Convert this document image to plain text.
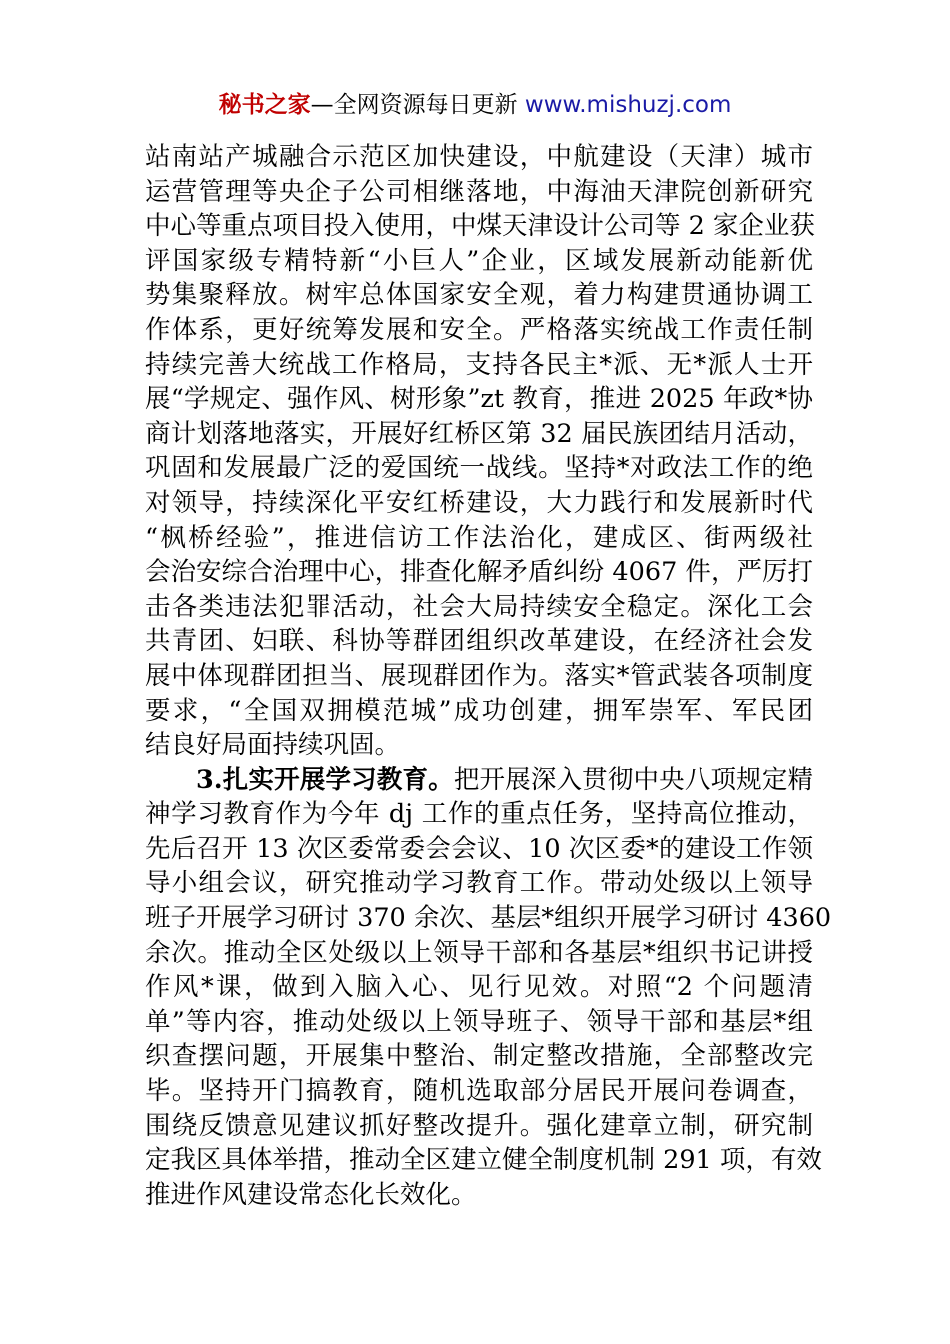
秘书之家—全网资源每日更新 www.mishuzj.com
站南站产城融合示范区加快建设，中航建设（天津）城市
运营管理等央企子公司相继落地，中海油天津院创新研究
中心等重点项目投入使用，中煤天津设计公司等 2 家企业获
评国家级专精特新“小巨人”企业，区域发展新动能新优
势集聚释放。树牢总体国家安全观，着力构建贯通协调工
作体系，更好统筹发展和安全。严格落实统战工作责任制
持续完善大统战工作格局，支持各民主*派、无*派人士开
展“学规定、强作风、树形象”zt 教育，推进 2025 年政*协
商计划落地落实，开展好红桥区第 32 届民族团结月活动，
巩固和发展最广泛的爱国统一战线。坚持*对政法工作的绝
对领导，持续深化平安红桥建设，大力践行和发展新时代
“枫桥经验”，推进信访工作法治化，建成区、街两级社
会治安综合治理中心，排查化解矛盾纠纷 4067 件，严厉打
击各类违法犯罪活动，社会大局持续安全稳定。深化工会
共青团、妇联、科协等群团组织改革建设，在经济社会发
展中体现群团担当、展现群团作为。落实*管武装各项制度
要求，“全国双拥模范城”成功创建，拥军崇军、军民团
结良好局面持续巩固。
3.扎实开展学习教育。把开展深入贯彻中央八项规定精
神学习教育作为今年 dj 工作的重点任务，坚持高位推动，
先后召开 13 次区委常委会会议、10 次区委*的建设工作领
导小组会议，研究推动学习教育工作。带动处级以上领导
班子开展学习研讨 370 余次、基层*组织开展学习研讨 4360
余次。推动全区处级以上领导干部和各基层*组织书记讲授
作风*课，做到入脑入心、见行见效。对照“2 个问题清
单”等内容，推动处级以上领导班子、领导干部和基层*组
织查摆问题，开展集中整治、制定整改措施，全部整改完
毕。坚持开门搞教育，随机选取部分居民开展问卷调查，
围绕反馈意见建议抓好整改提升。强化建章立制，研究制
定我区具体举措，推动全区建立健全制度机制 291 项，有效
推进作风建设常态化长效化。
